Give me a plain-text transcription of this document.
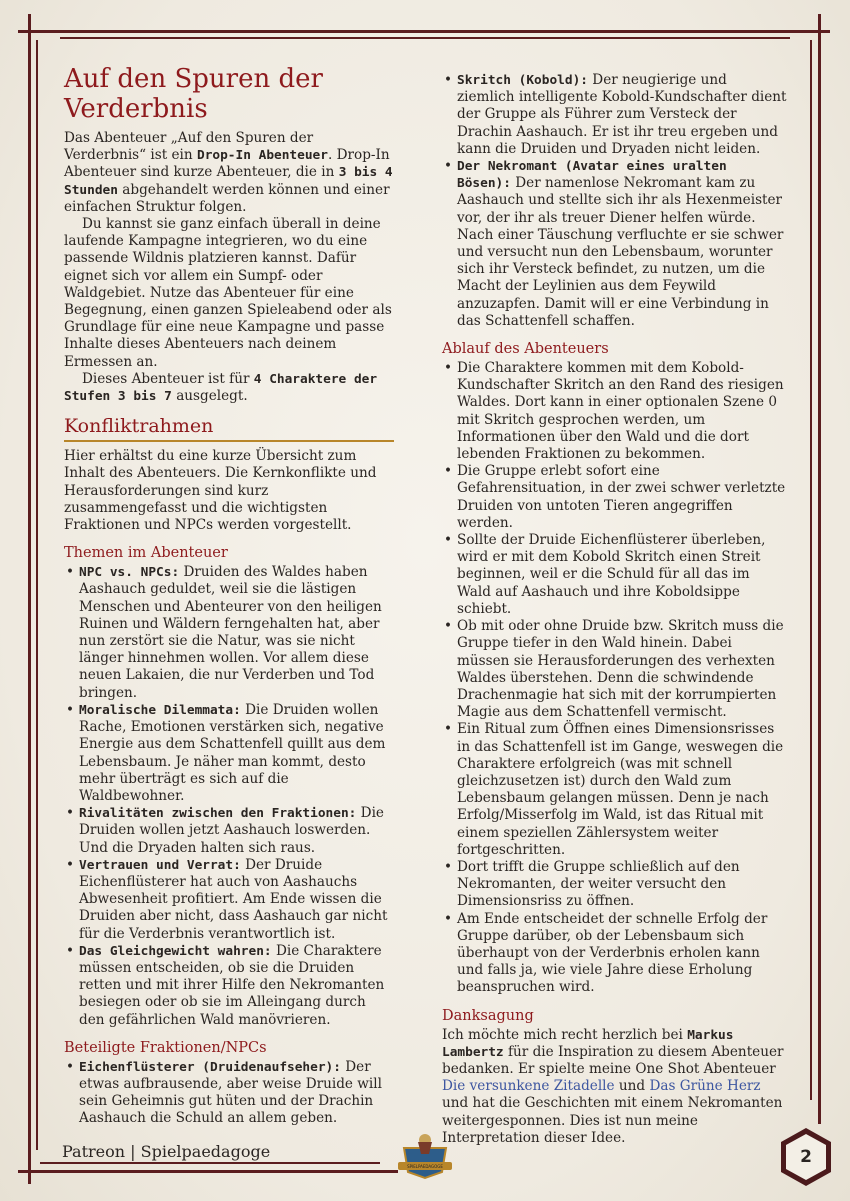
Auf den Spuren der Verderbnis

Das Abenteuer „Auf den Spuren der Verderbnis“ ist ein Drop-In Abenteuer. Drop-In Abenteuer sind kurze Abenteuer, die in 3 bis 4 Stunden abgehandelt werden können und einer einfachen Struktur folgen.

Du kannst sie ganz einfach überall in deine laufende Kampagne integrieren, wo du eine passende Wildnis platzieren kannst. Dafür eignet sich vor allem ein Sumpf- oder Waldgebiet. Nutze das Abenteuer für eine Begegnung, einen ganzen Spieleabend oder als Grundlage für eine neue Kampagne und passe Inhalte dieses Abenteuers nach deinem Ermessen an.

Dieses Abenteuer ist für 4 Charaktere der Stufen 3 bis 7 ausgelegt.

Konfliktrahmen

Hier erhältst du eine kurze Übersicht zum Inhalt des Abenteuers. Die Kernkonflikte und Herausforderungen sind kurz zusammengefasst und die wichtigsten Fraktionen und NPCs werden vorgestellt.

Themen im Abenteuer
• NPC vs. NPCs: Druiden des Waldes haben Aashauch geduldet, weil sie die lästigen Menschen und Abenteurer von den heiligen Ruinen und Wäldern ferngehalten hat, aber nun zerstört sie die Natur, was sie nicht länger hinnehmen wollen. Vor allem diese neuen Lakaien, die nur Verderben und Tod bringen.
• Moralische Dilemmata: Die Druiden wollen Rache, Emotionen verstärken sich, negative Energie aus dem Schattenfell quillt aus dem Lebensbaum. Je näher man kommt, desto mehr überträgt es sich auf die Waldbewohner.
• Rivalitäten zwischen den Fraktionen: Die Druiden wollen jetzt Aashauch loswerden. Und die Dryaden halten sich raus.
• Vertrauen und Verrat: Der Druide Eichenflüsterer hat auch von Aashauchs Abwesenheit profitiert. Am Ende wissen die Druiden aber nicht, dass Aashauch gar nicht für die Verderbnis verantwortlich ist.
• Das Gleichgewicht wahren: Die Charaktere müssen entscheiden, ob sie die Druiden retten und mit ihrer Hilfe den Nekromanten besiegen oder ob sie im Alleingang durch den gefährlichen Wald manövrieren.
Beteiligte Fraktionen/NPCs
• Eichenflüsterer (Druidenaufseher): Der etwas aufbrausende, aber weise Druide will sein Geheimnis gut hüten und der Drachin Aashauch die Schuld an allem geben.
• Skritch (Kobold): Der neugierige und ziemlich intelligente Kobold-Kundschafter dient der Gruppe als Führer zum Versteck der Drachin Aashauch. Er ist ihr treu ergeben und kann die Druiden und Dryaden nicht leiden.
• Der Nekromant (Avatar eines uralten Bösen): Der namenlose Nekromant kam zu Aashauch und stellte sich ihr als Hexenmeister vor, der ihr als treuer Diener helfen würde. Nach einer Täuschung verfluchte er sie schwer und versucht nun den Lebensbaum, worunter sich ihr Versteck befindet, zu nutzen, um die Macht der Leylinien aus dem Feywild anzuzapfen. Damit will er eine Verbindung in das Schattenfell schaffen.
Ablauf des Abenteuers
• Die Charaktere kommen mit dem Kobold-Kundschafter Skritch an den Rand des riesigen Waldes. Dort kann in einer optionalen Szene 0 mit Skritch gesprochen werden, um Informationen über den Wald und die dort lebenden Fraktionen zu bekommen.
• Die Gruppe erlebt sofort eine Gefahrensituation, in der zwei schwer verletzte Druiden von untoten Tieren angegriffen werden.
• Sollte der Druide Eichenflüsterer überleben, wird er mit dem Kobold Skritch einen Streit beginnen, weil er die Schuld für all das im Wald auf Aashauch und ihre Koboldsippe schiebt.
• Ob mit oder ohne Druide bzw. Skritch muss die Gruppe tiefer in den Wald hinein. Dabei müssen sie Herausforderungen des verhexten Waldes überstehen. Denn die schwindende Drachenmagie hat sich mit der korrumpierten Magie aus dem Schattenfell vermischt.
• Ein Ritual zum Öffnen eines Dimensionsrisses in das Schattenfell ist im Gange, weswegen die Charaktere erfolgreich (was mit schnell gleichzusetzen ist) durch den Wald zum Lebensbaum gelangen müssen. Denn je nach Erfolg/Misserfolg im Wald, ist das Ritual mit einem speziellen Zählersystem weiter fortgeschritten.
• Dort trifft die Gruppe schließlich auf den Nekromanten, der weiter versucht den Dimensionsriss zu öffnen.
• Am Ende entscheidet der schnelle Erfolg der Gruppe darüber, ob der Lebensbaum sich überhaupt von der Verderbnis erholen kann und falls ja, wie viele Jahre diese Erholung beanspruchen wird.
Danksagung

Ich möchte mich recht herzlich bei Markus Lambertz für die Inspiration zu diesem Abenteuer bedanken. Er spielte meine One Shot Abenteuer Die versunkene Zitadelle und Das Grüne Herz und hat die Geschichten mit einem Nekromanten weitergesponnen. Dies ist nun meine Interpretation dieser Idee.

Patreon | Spielpaedagoge
SPIELPAEDAGOGE	2
